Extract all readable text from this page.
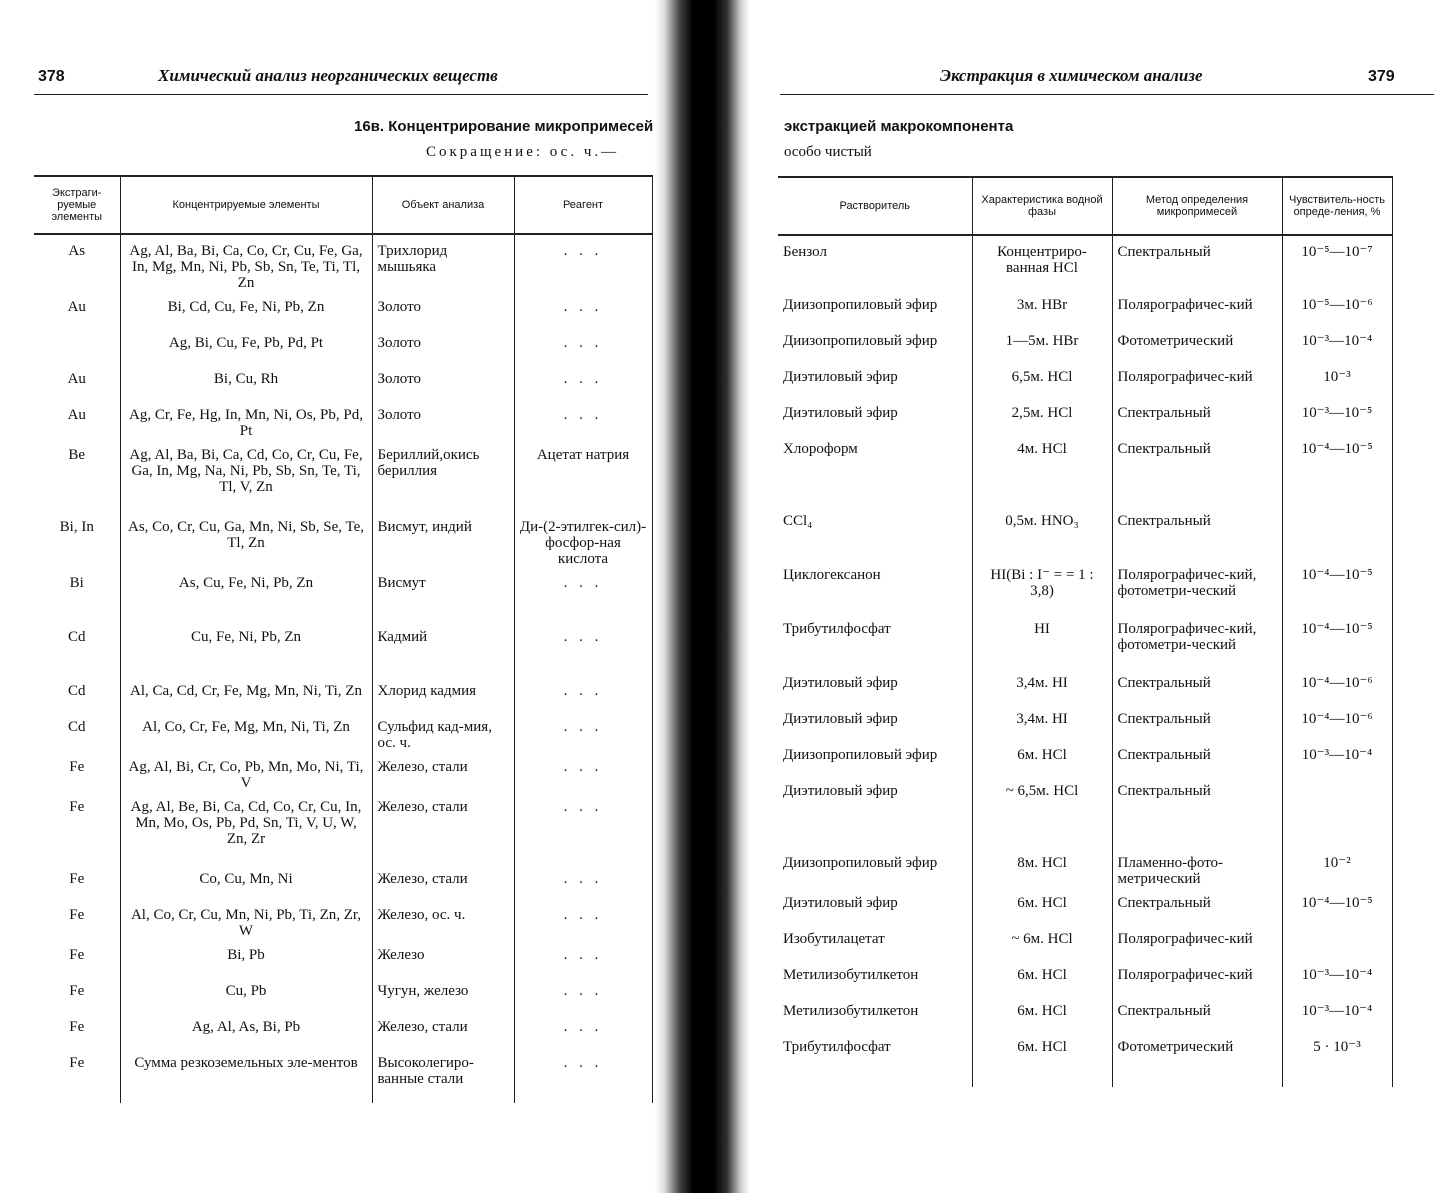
378	Химический анализ неорганических веществ
16в. Концентрирование микропримесей
Сокращение: ос. ч.—
Экстраги-руемые элементы	Концентрируемые элементы	Объект анализа	Реагент
As	Ag, Al, Ba, Bi, Ca, Co, Cr, Cu, Fe, Ga, In, Mg, Mn, Ni, Pb, Sb, Sn, Te, Ti, Tl, Zn	Трихлорид мышьяка	. . .
Au	Bi, Cd, Cu, Fe, Ni, Pb, Zn	Золото	. . .
	Ag, Bi, Cu, Fe, Pb, Pd, Pt	Золото	. . .
Au	Bi, Cu, Rh	Золото	. . .
Au	Ag, Cr, Fe, Hg, In, Mn, Ni, Os, Pb, Pd, Pt	Золото	. . .
Be	Ag, Al, Ba, Bi, Ca, Cd, Co, Cr, Cu, Fe, Ga, In, Mg, Na, Ni, Pb, Sb, Sn, Te, Ti, Tl, V, Zn	Бериллий,окись бериллия	Ацетат натрия
Bi, In	As, Co, Cr, Cu, Ga, Mn, Ni, Sb, Se, Te, Tl, Zn	Висмут, индий	Ди-(2-этилгек-сил)-фосфор-ная кислота
Bi	As, Cu, Fe, Ni, Pb, Zn	Висмут	. . .
Cd	Cu, Fe, Ni, Pb, Zn	Кадмий	. . .
Cd	Al, Ca, Cd, Cr, Fe, Mg, Mn, Ni, Ti, Zn	Хлорид кадмия	. . .
Cd	Al, Co, Cr, Fe, Mg, Mn, Ni, Ti, Zn	Сульфид кад-мия, ос. ч.	. . .
Fe	Ag, Al, Bi, Cr, Co, Pb, Mn, Mo, Ni, Ti, V	Железо, стали	. . .
Fe	Ag, Al, Be, Bi, Ca, Cd, Co, Cr, Cu, In, Mn, Mo, Os, Pb, Pd, Sn, Ti, V, U, W, Zn, Zr	Железо, стали	. . .
Fe	Co, Cu, Mn, Ni	Железо, стали	. . .
Fe	Al, Co, Cr, Cu, Mn, Ni, Pb, Ti, Zn, Zr, W	Железо, ос. ч.	. . .
Fe	Bi, Pb	Железо	. . .
Fe	Cu, Pb	Чугун, железо	. . .
Fe	Ag, Al, As, Bi, Pb	Железо, стали	. . .
Fe	Сумма резкоземельных эле-ментов	Высоколегиро-ванные стали	. . .
Экстракция в химическом анализе	379
экстракцией макрокомпонента
особо чистый
Растворитель	Характеристика водной фазы	Метод определения микропримесей	Чувствитель-ность опреде-ления, %
Бензол	Концентриро-ванная HCl	Спектральный	10⁻⁵—10⁻⁷
Диизопропиловый эфир	3м. HBr	Полярографичес-кий	10⁻⁵—10⁻⁶
Диизопропиловый эфир	1—5м. HBr	Фотометрический	10⁻³—10⁻⁴
Диэтиловый эфир	6,5м. HCl	Полярографичес-кий	10⁻³
Диэтиловый эфир	2,5м. HCl	Спектральный	10⁻³—10⁻⁵
Хлороформ	4м. HCl	Спектральный	10⁻⁴—10⁻⁵
CCl₄	0,5м. HNO₃	Спектральный	
Циклогексанон	HI(Bi : I⁻ = = 1 : 3,8)	Полярографичес-кий, фотометри-ческий	10⁻⁴—10⁻⁵
Трибутилфосфат	HI	Полярографичес-кий, фотометри-ческий	10⁻⁴—10⁻⁵
Диэтиловый эфир	3,4м. HI	Спектральный	10⁻⁴—10⁻⁶
Диэтиловый эфир	3,4м. HI	Спектральный	10⁻⁴—10⁻⁶
Диизопропиловый эфир	6м. HCl	Спектральный	10⁻³—10⁻⁴
Диэтиловый эфир	~ 6,5м. HCl	Спектральный	
Диизопропиловый эфир	8м. HCl	Пламенно-фото-метрический	10⁻²
Диэтиловый эфир	6м. HCl	Спектральный	10⁻⁴—10⁻⁵
Изобутилацетат	~ 6м. HCl	Полярографичес-кий	
Метилизобутилкетон	6м. HCl	Полярографичес-кий	10⁻³—10⁻⁴
Метилизобутилкетон	6м. HCl	Спектральный	10⁻³—10⁻⁴
Трибутилфосфат	6м. HCl	Фотометрический	5 · 10⁻³
